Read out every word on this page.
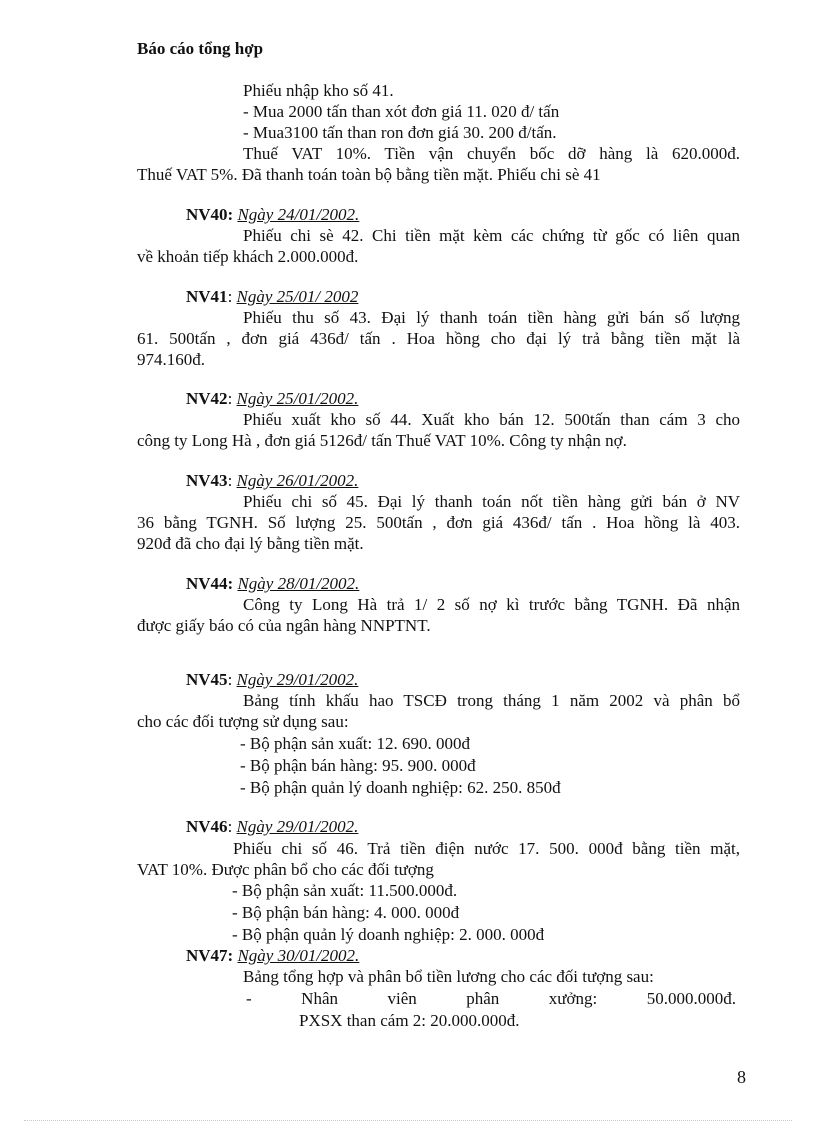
Báo cáo tổng hợp
Phiếu nhập kho số 41.
- Mua 2000 tấn than xót đơn giá 11. 020 đ/ tấn
- Mua3100 tấn than ron đơn giá 30. 200 đ/tấn.
Thuế VAT 10%. Tiền vận chuyển bốc dỡ hàng là 620.000đ.
Thuế VAT 5%. Đã thanh toán toàn bộ bằng tiền mặt. Phiếu chi sè 41
NV40: Ngày 24/01/2002.
Phiếu chi sè 42. Chi tiền mặt kèm các chứng từ gốc có liên quan
về khoản tiếp khách 2.000.000đ.
NV41: Ngày 25/01/ 2002
Phiếu thu số 43. Đại lý thanh toán tiền hàng gửi bán số lượng
61. 500tấn , đơn giá 436đ/ tấn . Hoa hồng cho đại lý trả bằng tiền mặt là
974.160đ.
NV42: Ngày 25/01/2002.
Phiếu xuất kho số 44. Xuất kho bán 12. 500tấn than cám 3 cho
công ty Long Hà , đơn giá 5126đ/ tấn Thuế VAT 10%. Công ty nhận nợ.
NV43: Ngày 26/01/2002.
Phiếu chi số 45. Đại lý thanh toán nốt tiền hàng gửi bán ở NV
36 bằng TGNH. Số lượng 25. 500tấn , đơn giá 436đ/ tấn . Hoa hồng là 403.
920đ đã cho đại lý bằng tiền mặt.
NV44: Ngày 28/01/2002.
Công ty Long Hà trả 1/ 2 số nợ kì trước bằng TGNH. Đã nhận
được giấy báo có của ngân hàng NNPTNT.
NV45: Ngày 29/01/2002.
Bảng tính khấu hao TSCĐ trong tháng 1 năm 2002 và phân bổ
cho các đối tượng sử dụng sau:
- Bộ phận sản xuất: 12. 690. 000đ
- Bộ phận bán hàng: 95. 900. 000đ
- Bộ phận quản lý doanh nghiệp: 62. 250. 850đ
NV46: Ngày 29/01/2002.
Phiếu chi số 46. Trả tiền điện nước 17. 500. 000đ bằng tiền mặt,
VAT 10%. Được phân bổ cho các đối tượng
- Bộ phận sản xuất: 11.500.000đ.
- Bộ phận bán hàng: 4. 000. 000đ
- Bộ phận quản lý doanh nghiệp: 2. 000. 000đ
NV47: Ngày 30/01/2002.
Bảng tổng hợp và phân bổ tiền lương cho các đối tượng sau:
- Nhân viên phân xưởng: 50.000.000đ.
PXSX than cám 2: 20.000.000đ.
8
